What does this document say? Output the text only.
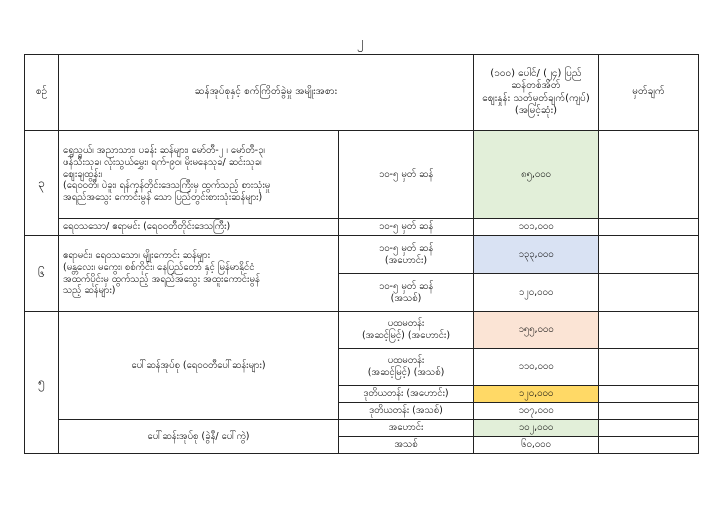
၂
စဉ်	ဆန်အုပ်စုနှင့် စက်ကြိတ်ခွဲမှု အမျိုးအစား		(၁၀၀) ပေါင်/ (၂၄) ပြည်
ဆန်တစ်အိတ်
ဈေးနှုန်း သတ်မှတ်ချက်(ကျပ်)
(အမြင့်ဆုံး)	မှတ်ချက်
၃	ရွှေသွယ်၊ အညာသား၊ ပခန်း ဆန်များ၊ မော်တီ-၂ ၊ မော်တီ-၃၊
ဖန်သီးသုခ၊ လုံးသွယ်မွှေး၊ ရက်-၉၀၊ မိုးမနေသုခ/ ဆင်းသုခ၊
ဈေးချထွန်း၊
(ရေ၀၀တီ၊ ပဲခူး၊ ရန်ကုန်တိုင်းဒေသကြီးမှ ထွက်သည့် စားသုံးမှု
အရည်အသွေး ကောင်းမွန် သော ပြည်တွင်းစားသုံးဆန်များ)	၁၀-၅ မှတ် ဆန်	၈၅,၀၀၀	
	ရေ၀သသော/ ဧရာမင်း (ရေ၀၀တီတိုင်းဒေသကြီး)	၁၀-၅ မှတ် ဆန်	၁၀၁,၀၀၀	
၆	ဧရာမင်း၊ ရေ၀သသော၊ မျိုးကောင်း ဆန်များ
(မန္တလေး၊ မကွေး၊ စစ်ကိုင်း၊ နေပြည်တော် နှင့် မြန်မာနိုင်ငံ
အထက်ပိုင်းမှ ထွက်သည့် အရည်အသွေး အထူးကောင်းမွန်
သည့် ဆန်များ)	၁၀-၅ မှတ် ဆန်
(အဟောင်း)	၁၃၃,၀၀၀	
		၁၀-၅ မှတ် ဆန်
(အသစ်)	၁၂၀,၀၀၀	
၅	ပေါ်ဆန်အုပ်စု (ရေ၀၀တီပေါ်ဆန်းများ)	ပထမတန်း
(အဆင့်မြင့်) (အဟောင်း)	၁၅၅,၀၀၀	
		ပထမတန်း
(အဆင့်မြင့်) (အသစ်)	၁၁၀,၀၀၀	
		ဒုတိယတန်း (အဟောင်း)	၁၂၀,၀၀၀	
		ဒုတိယတန်း (အသစ်)	၁၀၇,၀၀၀	
	ပေါ်ဆန်းအုပ်စု (ခွဲနီ/ ပေါ်ကွဲ)	အဟောင်း	၁၀၂,၀၀၀	
		အသစ်	၆၀,၀၀၀	
